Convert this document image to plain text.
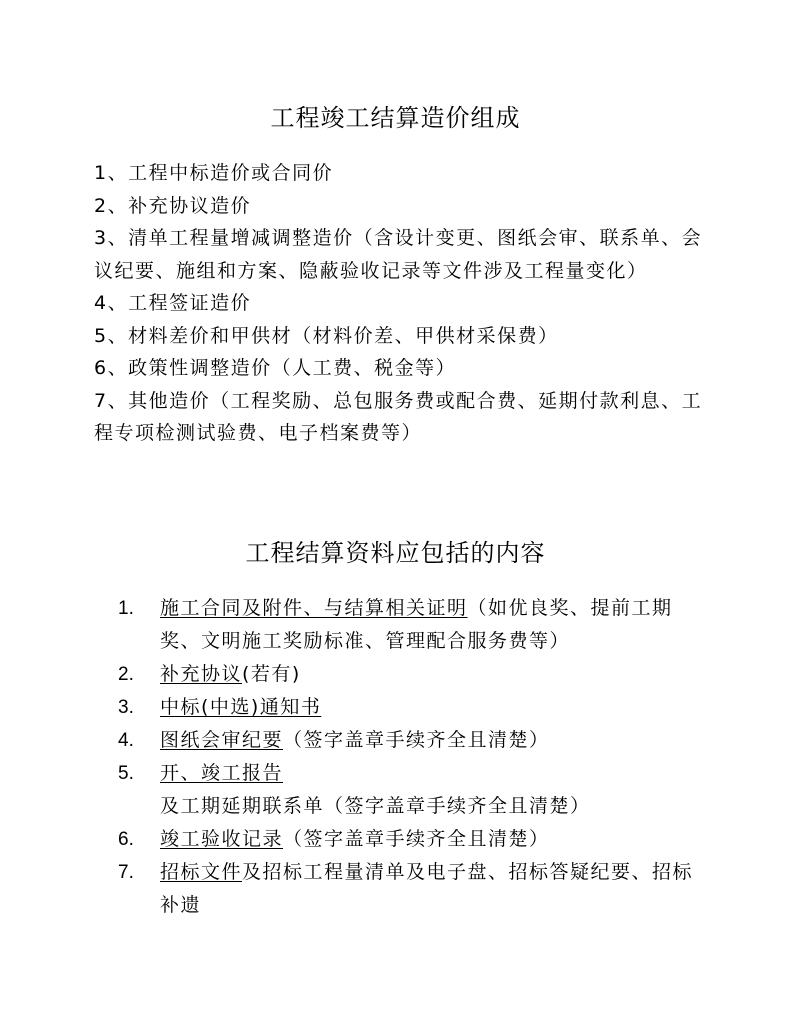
工程竣工结算造价组成
1、工程中标造价或合同价
2、补充协议造价
3、清单工程量增减调整造价（含设计变更、图纸会审、联系单、会议纪要、施组和方案、隐蔽验收记录等文件涉及工程量变化）
4、工程签证造价
5、材料差价和甲供材（材料价差、甲供材采保费）
6、政策性调整造价（人工费、税金等）
7、其他造价（工程奖励、总包服务费或配合费、延期付款利息、工程专项检测试验费、电子档案费等）
工程结算资料应包括的内容
1. 施工合同及附件、与结算相关证明（如优良奖、提前工期奖、文明施工奖励标准、管理配合服务费等）
2. 补充协议(若有)
3. 中标(中选)通知书
4. 图纸会审纪要（签字盖章手续齐全且清楚）
5. 开、竣工报告及工期延期联系单（签字盖章手续齐全且清楚）
6. 竣工验收记录（签字盖章手续齐全且清楚）
7. 招标文件及招标工程量清单及电子盘、招标答疑纪要、招标补遗
